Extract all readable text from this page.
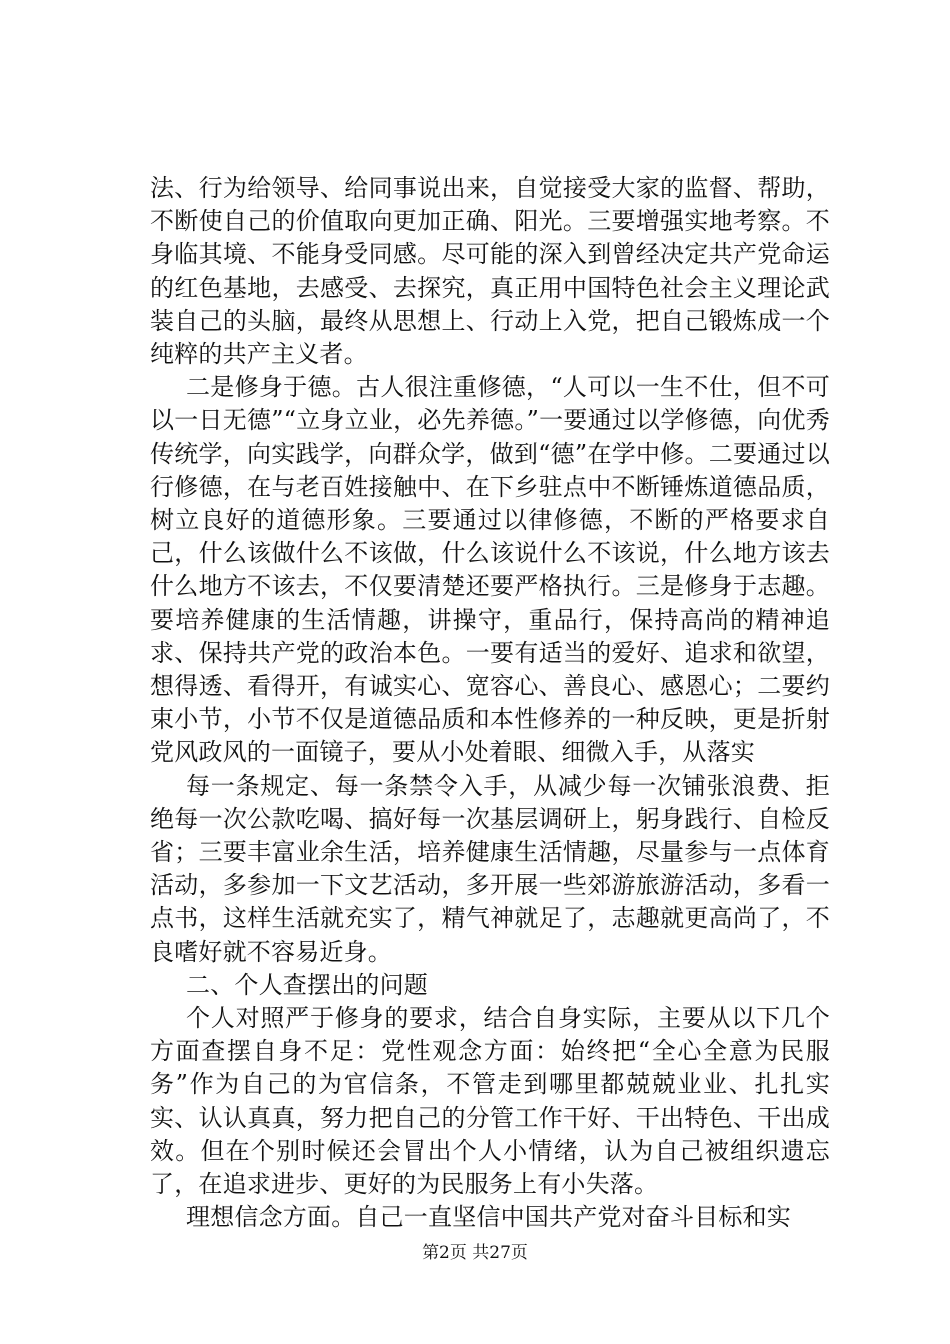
法、行为给领导、给同事说出来，自觉接受大家的监督、帮助，不断使自己的价值取向更加正确、阳光。三要增强实地考察。不身临其境、不能身受同感。尽可能的深入到曾经决定共产党命运的红色基地，去感受、去探究，真正用中国特色社会主义理论武装自己的头脑，最终从思想上、行动上入党，把自己锻炼成一个纯粹的共产主义者。

二是修身于德。古人很注重修德，“人可以一生不仕，但不可以一日无德”“立身立业，必先养德。”一要通过以学修德，向优秀传统学，向实践学，向群众学，做到“德”在学中修。二要通过以行修德，在与老百姓接触中、在下乡驻点中不断锤炼道德品质，树立良好的道德形象。三要通过以律修德，不断的严格要求自己，什么该做什么不该做，什么该说什么不该说，什么地方该去什么地方不该去，不仅要清楚还要严格执行。三是修身于志趣。要培养健康的生活情趣，讲操守，重品行，保持高尚的精神追求、保持共产党的政治本色。一要有适当的爱好、追求和欲望，想得透、看得开，有诚实心、宽容心、善良心、感恩心；二要约束小节，小节不仅是道德品质和本性修养的一种反映，更是折射党风政风的一面镜子，要从小处着眼、细微入手，从落实

每一条规定、每一条禁令入手，从减少每一次铺张浪费、拒绝每一次公款吃喝、搞好每一次基层调研上，躬身践行、自检反省；三要丰富业余生活，培养健康生活情趣，尽量参与一点体育活动，多参加一下文艺活动，多开展一些郊游旅游活动，多看一点书，这样生活就充实了，精气神就足了，志趣就更高尚了，不良嗜好就不容易近身。

二、个人查摆出的问题

个人对照严于修身的要求，结合自身实际，主要从以下几个方面查摆自身不足：党性观念方面：始终把“全心全意为民服务”作为自己的为官信条，不管走到哪里都兢兢业业、扎扎实实、认认真真，努力把自己的分管工作干好、干出特色、干出成效。但在个别时候还会冒出个人小情绪，认为自己被组织遗忘了，在追求进步、更好的为民服务上有小失落。

理想信念方面。自己一直坚信中国共产党对奋斗目标和实

第2页 共27页
